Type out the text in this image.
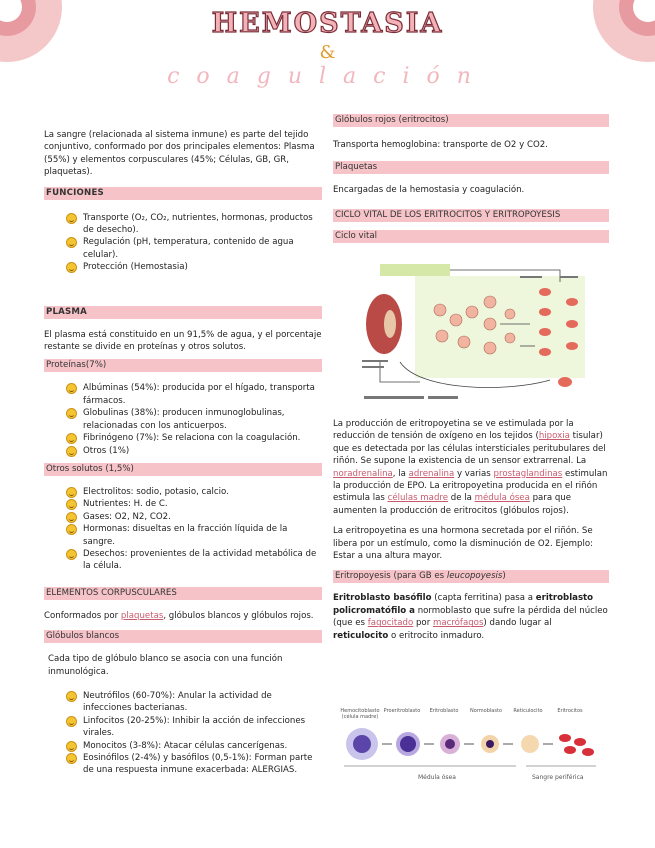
HEMOSTASIA
&
coagulación

La sangre (relacionada al sistema inmune) es parte del tejido conjuntivo, conformado por dos principales elementos: Plasma (55%) y elementos corpusculares (45%; Células, GB, GR, plaquetas).

FUNCIONES
Transporte (O₂, CO₂, nutrientes, hormonas, productos de desecho).
Regulación (pH, temperatura, contenido de agua celular).
Protección (Hemostasia)
PLASMA

El plasma está constituido en un 91,5% de agua, y el porcentaje restante se divide en proteínas y otros solutos.

Proteínas(7%)
Albúminas (54%): producida por el hígado, transporta fármacos.
Globulinas (38%): producen inmunoglobulinas, relacionadas con los anticuerpos.
Fibrinógeno (7%): Se relaciona con la coagulación.
Otros (1%)
Otros solutos (1,5%)
Electrolitos: sodio, potasio, calcio.
Nutrientes: H. de C.
Gases: O2, N2, CO2.
Hormonas: disueltas en la fracción líquida de la sangre.
Desechos: provenientes de la actividad metabólica de la célula.
ELEMENTOS CORPUSCULARES

Conformados por plaquetas, glóbulos blancos y glóbulos rojos.

Glóbulos blancos

Cada tipo de glóbulo blanco se asocia con una función inmunológica.

Neutrófilos (60-70%): Anular la actividad de infecciones bacterianas.
Linfocitos (20-25%): Inhibir la acción de infecciones virales.
Monocitos (3-8%): Atacar células cancerígenas.
Eosinófilos (2-4%) y basófilos (0,5-1%): Forman parte de una respuesta inmune exacerbada: ALERGIAS.
Glóbulos rojos (eritrocitos)

Transporta hemoglobina: transporte de O2 y CO2.

Plaquetas

Encargadas de la hemostasia y coagulación.

CICLO VITAL DE LOS ERITROCITOS Y ERITROPOYESIS
Ciclo vital

La producción de eritropoyetina se ve estimulada por la reducción de tensión de oxígeno en los tejidos (hipoxia tisular) que es detectada por las células intersticiales peritubulares del riñón. Se supone la existencia de un sensor extrarrenal. La noradrenalina, la adrenalina y varias prostaglandinas estimulan la producción de EPO. La eritropoyetina producida en el riñón estimula las células madre de la médula ósea para que aumenten la producción de eritrocitos (glóbulos rojos).

La eritropoyetina es una hormona secretada por el riñón. Se libera por un estímulo, como la disminución de O2. Ejemplo: Estar a una altura mayor.

Eritropoyesis (para GB es leucopoyesis)

Eritroblasto basófilo (capta ferritina) pasa a eritroblasto policromatófilo a normoblasto que sufre la pérdida del núcleo (que es fagocitado por macrófagos) dando lugar al reticulocito o eritrocito inmaduro.

Hemocitoblasto (célula madre)
Proeritroblasto	Eritroblasto	Normoblasto	Reticulocito	Eritrocitos
Médula ósea	Sangre periférica
